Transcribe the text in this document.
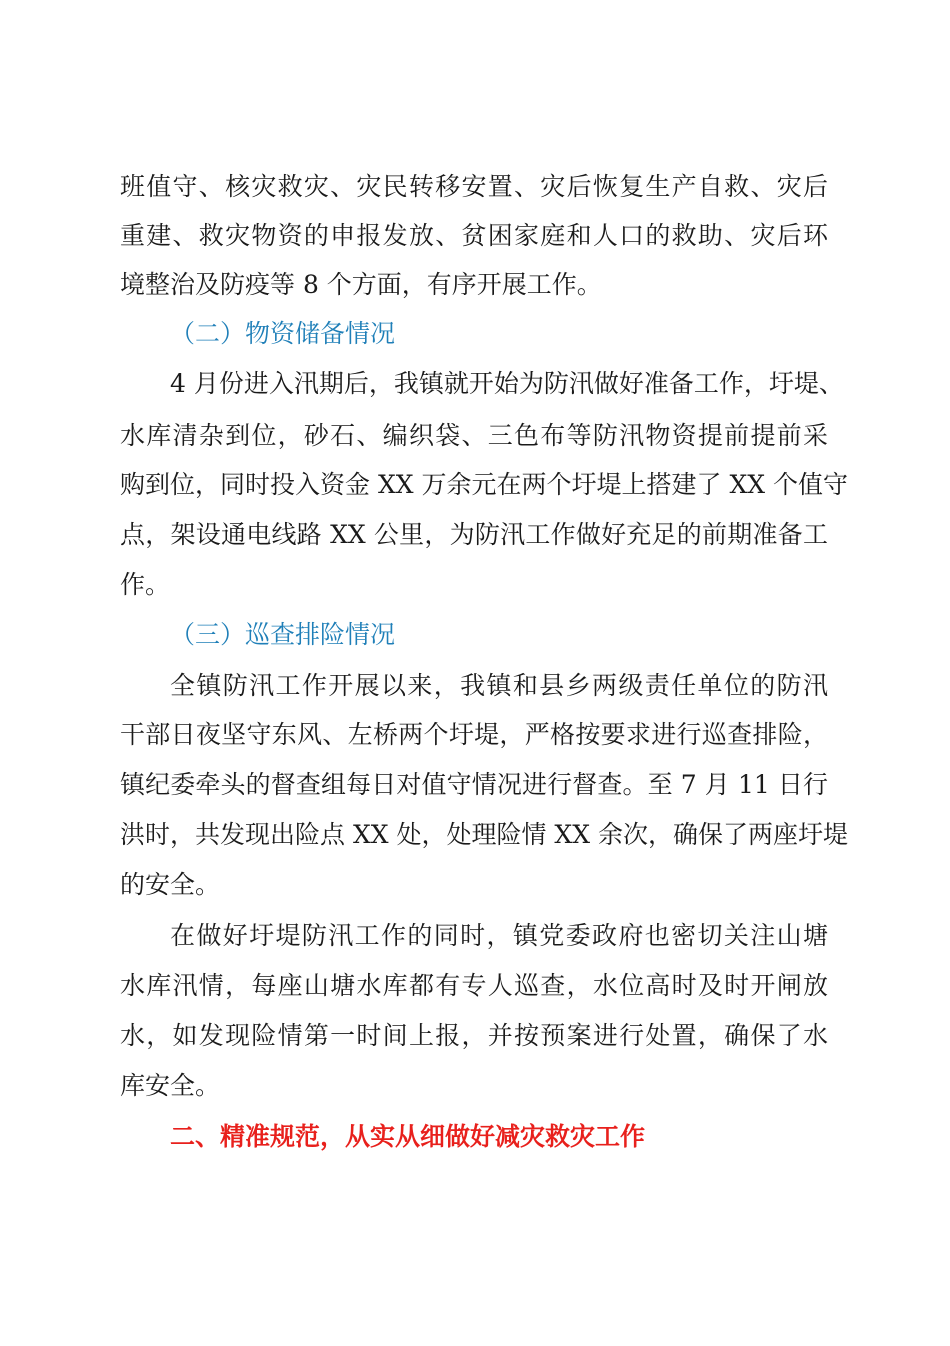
班值守、核灾救灾、灾民转移安置、灾后恢复生产自救、灾后
重建、救灾物资的申报发放、贫困家庭和人口的救助、灾后环
境整治及防疫等 8 个方面，有序开展工作。
（二）物资储备情况
4 月份进入汛期后，我镇就开始为防汛做好准备工作，圩堤、
水库清杂到位，砂石、编织袋、三色布等防汛物资提前提前采
购到位，同时投入资金 XX 万余元在两个圩堤上搭建了 XX 个值守
点，架设通电线路 XX 公里，为防汛工作做好充足的前期准备工
作。
（三）巡查排险情况
全镇防汛工作开展以来，我镇和县乡两级责任单位的防汛
干部日夜坚守东风、左桥两个圩堤，严格按要求进行巡查排险，
镇纪委牵头的督查组每日对值守情况进行督查。至 7 月 11 日行
洪时，共发现出险点 XX 处，处理险情 XX 余次，确保了两座圩堤
的安全。
在做好圩堤防汛工作的同时，镇党委政府也密切关注山塘
水库汛情，每座山塘水库都有专人巡查，水位高时及时开闸放
水，如发现险情第一时间上报，并按预案进行处置，确保了水
库安全。
二、精准规范，从实从细做好减灾救灾工作
